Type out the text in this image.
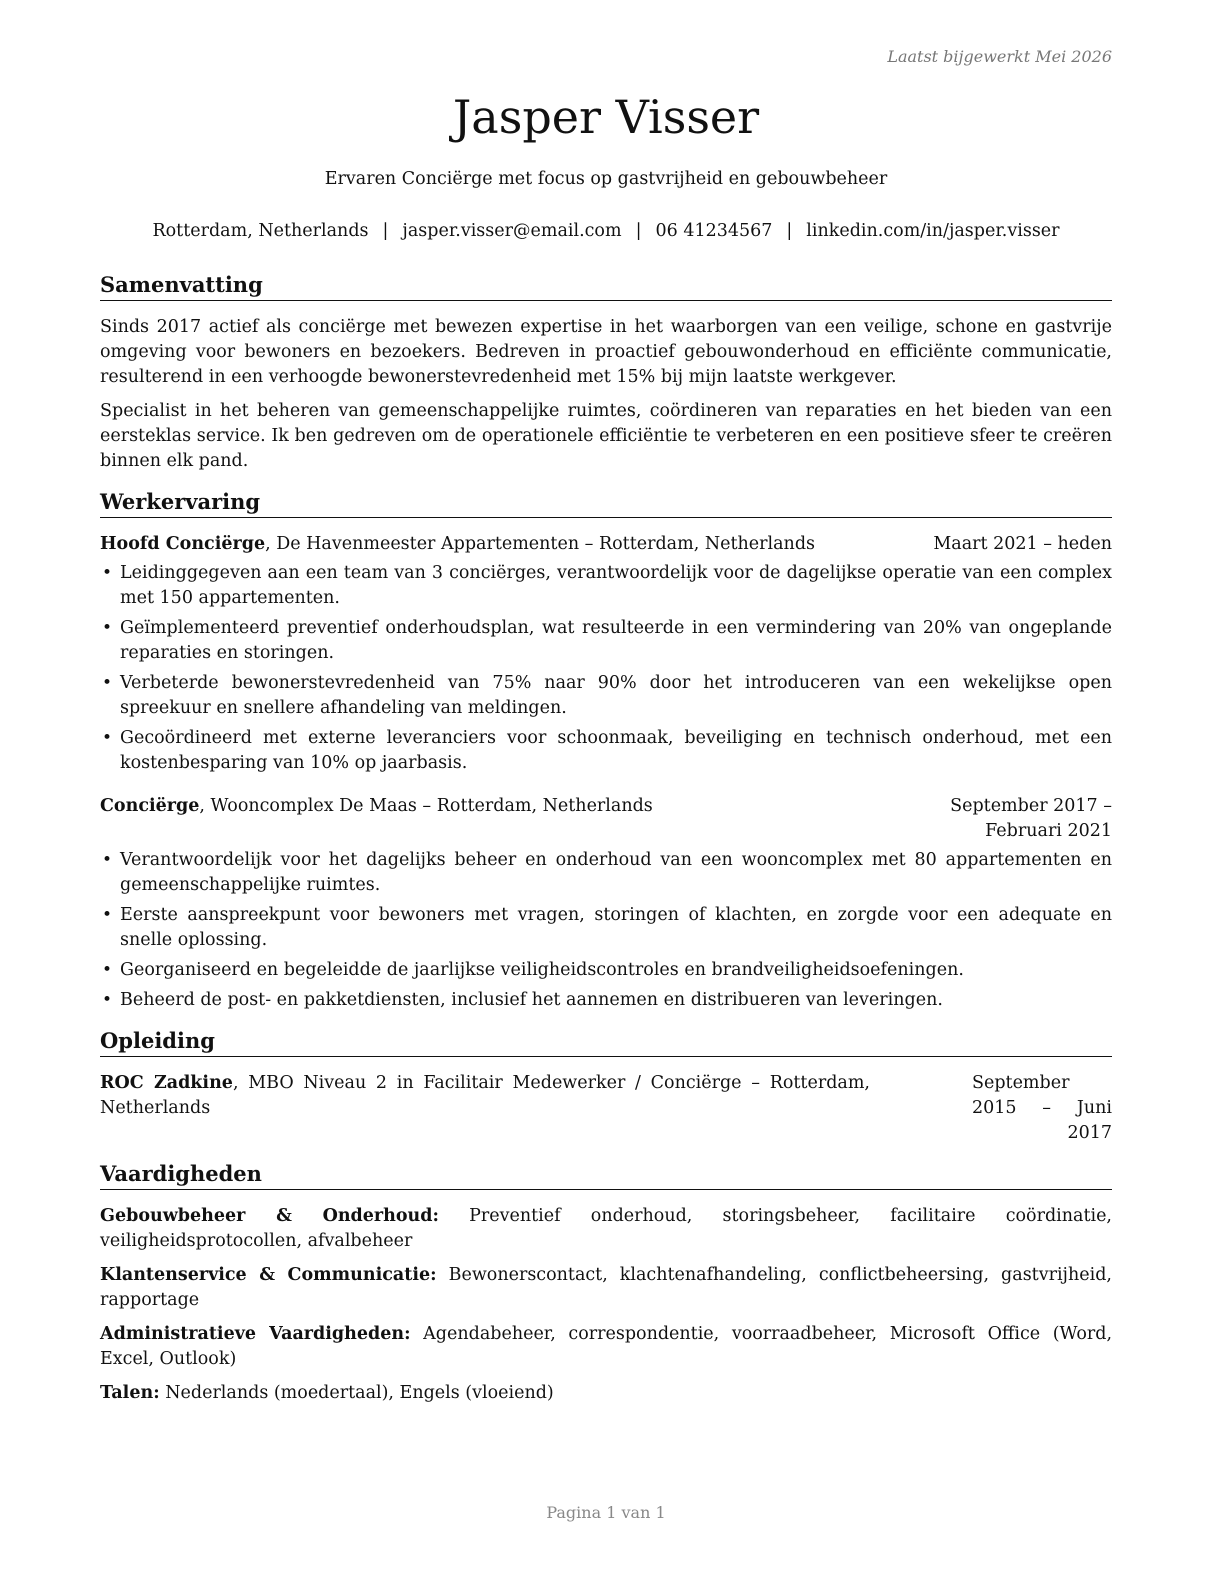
Laatst bijgewerkt Mei 2026
Jasper Visser
Ervaren Conciërge met focus op gastvrijheid en gebouwbeheer
Rotterdam, Netherlands | jasper.visser@email.com | 06 41234567 | linkedin.com/in/jasper.visser
Samenvatting

Sinds 2017 actief als conciërge met bewezen expertise in het waarborgen van een veilige, schone en gastvrije omgeving voor bewoners en bezoekers. Bedreven in proactief gebouwonderhoud en efficiënte communicatie, resulterend in een verhoogde bewonerstevredenheid met 15% bij mijn laatste werkgever.

Specialist in het beheren van gemeenschappelijke ruimtes, coördineren van reparaties en het bieden van een eersteklas service. Ik ben gedreven om de operationele efficiëntie te verbeteren en een positieve sfeer te creëren binnen elk pand.

Werkervaring
Hoofd Conciërge, De Havenmeester Appartementen – Rotterdam, Netherlands	Maart 2021 – heden
• Leidinggegeven aan een team van 3 conciërges, verantwoordelijk voor de dagelijkse operatie van een complex met 150 appartementen.
• Geïmplementeerd preventief onderhoudsplan, wat resulteerde in een vermindering van 20% van ongeplande reparaties en storingen.
• Verbeterde bewonerstevredenheid van 75% naar 90% door het introduceren van een wekelijkse open spreekuur en snellere afhandeling van meldingen.
• Gecoördineerd met externe leveranciers voor schoonmaak, beveiliging en technisch onderhoud, met een kostenbesparing van 10% op jaarbasis.
Conciërge, Wooncomplex De Maas – Rotterdam, Netherlands	September 2017 – Februari 2021
• Verantwoordelijk voor het dagelijks beheer en onderhoud van een wooncomplex met 80 appartementen en gemeenschappelijke ruimtes.
• Eerste aanspreekpunt voor bewoners met vragen, storingen of klachten, en zorgde voor een adequate en snelle oplossing.
• Georganiseerd en begeleidde de jaarlijkse veiligheidscontroles en brandveiligheidsoefeningen.
• Beheerd de post- en pakketdiensten, inclusief het aannemen en distribueren van leveringen.
Opleiding
ROC Zadkine, MBO Niveau 2 in Facilitair Medewerker / Conciërge – Rotterdam, Netherlands
September 2015 – Juni 2017
Vaardigheden

Gebouwbeheer & Onderhoud: Preventief onderhoud, storingsbeheer, facilitaire coördinatie, veiligheidsprotocollen, afvalbeheer

Klantenservice & Communicatie: Bewonerscontact, klachtenafhandeling, conflictbeheersing, gastvrijheid, rapportage

Administratieve Vaardigheden: Agendabeheer, correspondentie, voorraadbeheer, Microsoft Office (Word, Excel, Outlook)

Talen: Nederlands (moedertaal), Engels (vloeiend)

Pagina 1 van 1
